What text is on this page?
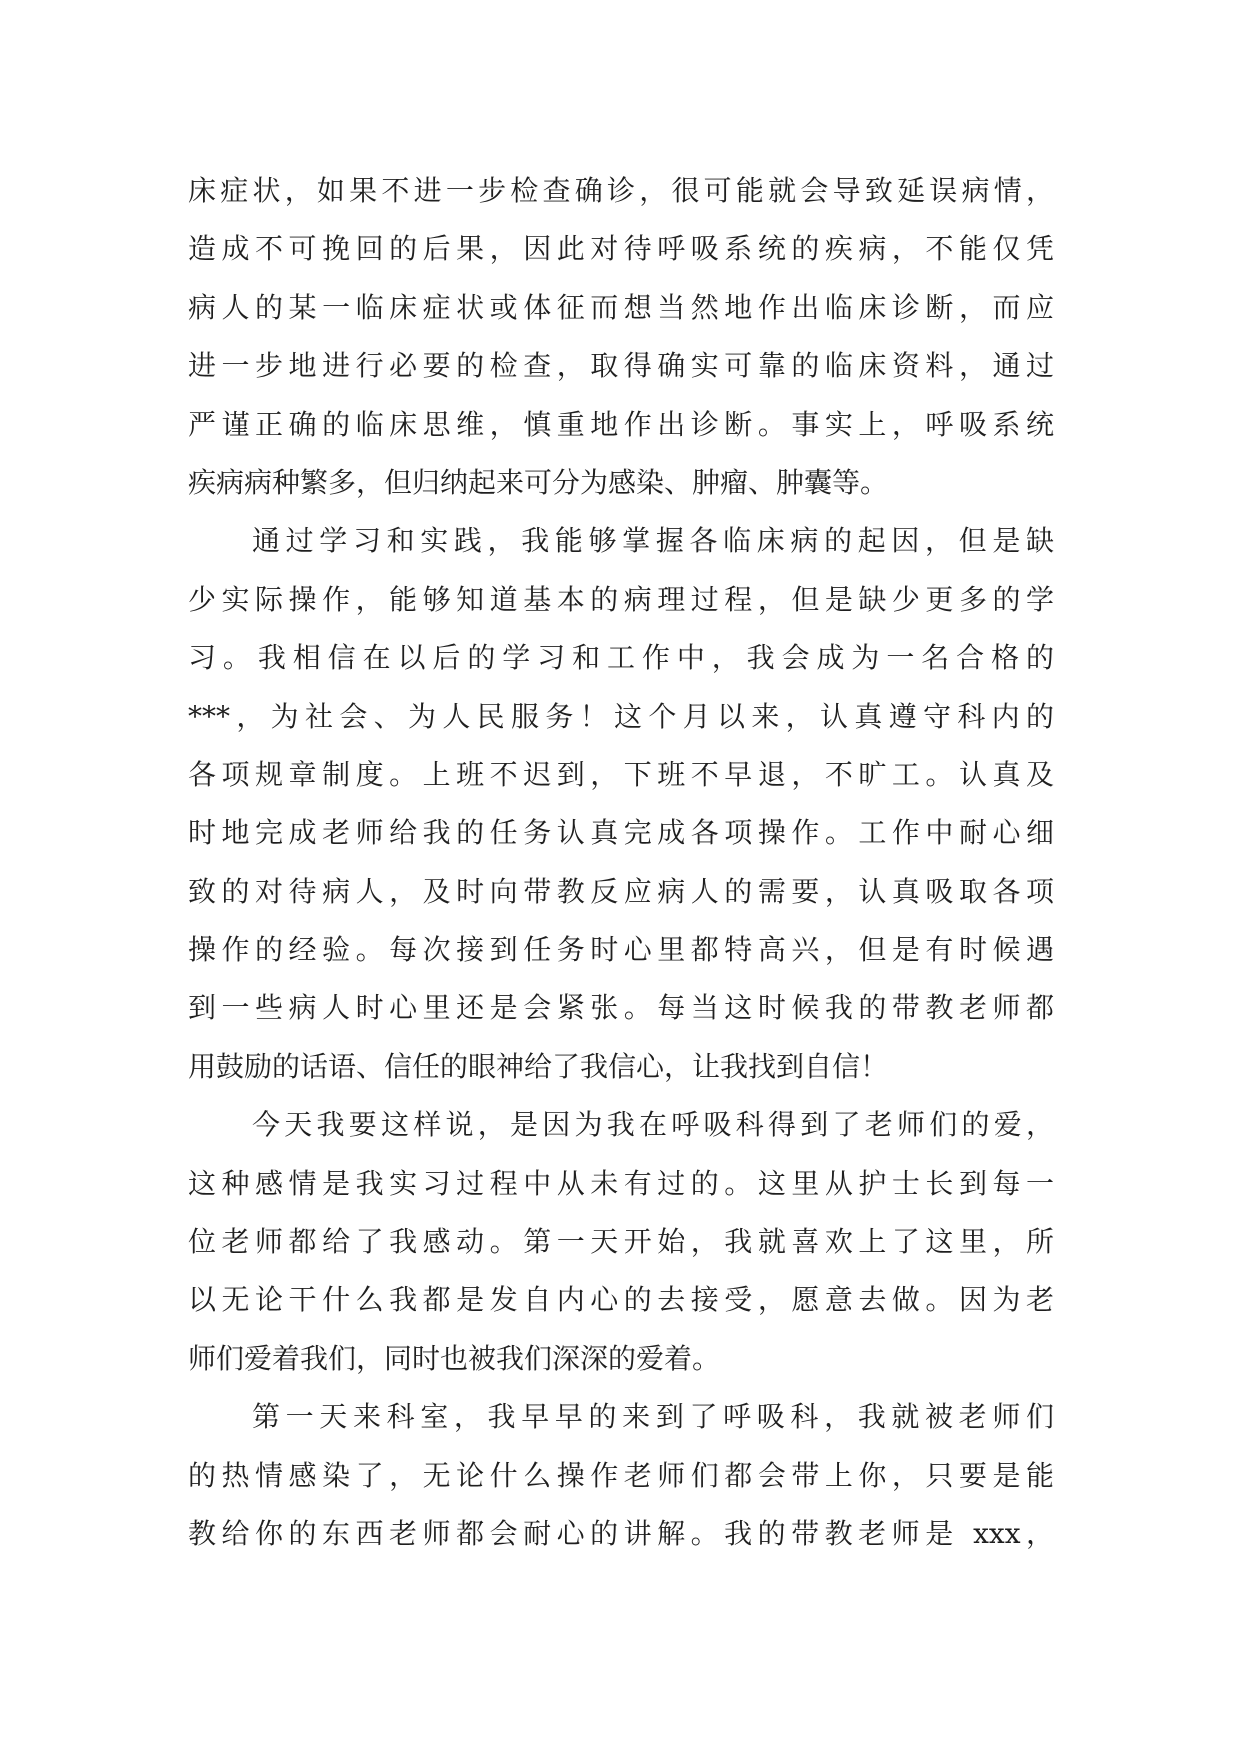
床症状，如果不进一步检查确诊，很可能就会导致延误病情，
造成不可挽回的后果，因此对待呼吸系统的疾病，不能仅凭
病人的某一临床症状或体征而想当然地作出临床诊断，而应
进一步地进行必要的检查，取得确实可靠的临床资料，通过
严谨正确的临床思维，慎重地作出诊断。事实上，呼吸系统
疾病病种繁多，但归纳起来可分为感染、肿瘤、肿囊等。
通过学习和实践，我能够掌握各临床病的起因，但是缺
少实际操作，能够知道基本的病理过程，但是缺少更多的学
习。我相信在以后的学习和工作中，我会成为一名合格的
***，为社会、为人民服务！这个月以来，认真遵守科内的
各项规章制度。上班不迟到，下班不早退，不旷工。认真及
时地完成老师给我的任务认真完成各项操作。工作中耐心细
致的对待病人，及时向带教反应病人的需要，认真吸取各项
操作的经验。每次接到任务时心里都特高兴，但是有时候遇
到一些病人时心里还是会紧张。每当这时候我的带教老师都
用鼓励的话语、信任的眼神给了我信心，让我找到自信！
今天我要这样说，是因为我在呼吸科得到了老师们的爱，
这种感情是我实习过程中从未有过的。这里从护士长到每一
位老师都给了我感动。第一天开始，我就喜欢上了这里，所
以无论干什么我都是发自内心的去接受，愿意去做。因为老
师们爱着我们，同时也被我们深深的爱着。
第一天来科室，我早早的来到了呼吸科，我就被老师们
的热情感染了，无论什么操作老师们都会带上你，只要是能
教给你的东西老师都会耐心的讲解。我的带教老师是 xxx，
